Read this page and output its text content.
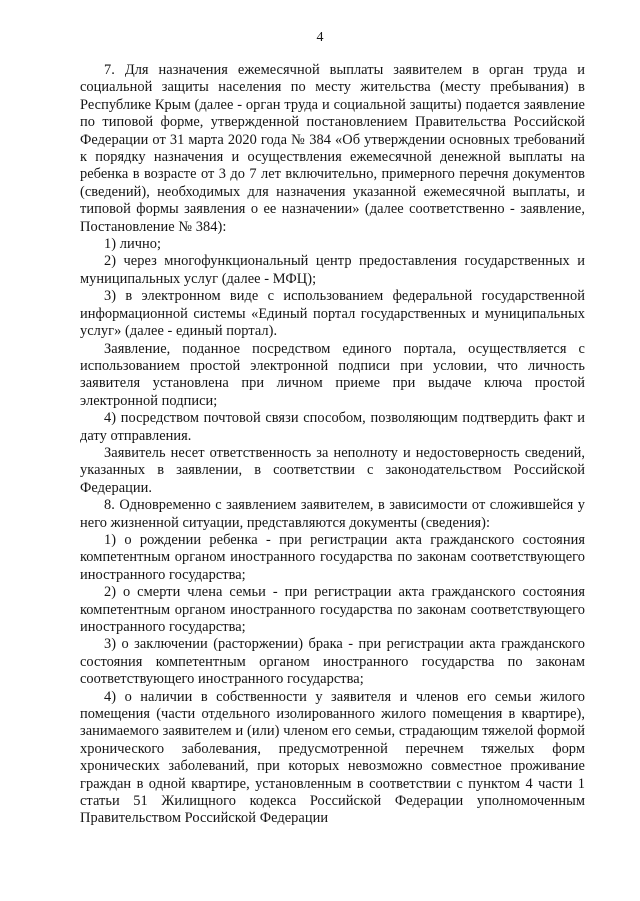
4

7. Для назначения ежемесячной выплаты заявителем в орган труда и социальной защиты населения по месту жительства (месту пребывания) в Республике Крым (далее - орган труда и социальной защиты) подается заявление по типовой форме, утвержденной постановлением Правительства Российской Федерации от 31 марта 2020 года № 384 «Об утверждении основных требований к порядку назначения и осуществления ежемесячной денежной выплаты на ребенка в возрасте от 3 до 7 лет включительно, примерного перечня документов (сведений), необходимых для назначения указанной ежемесячной выплаты, и типовой формы заявления о ее назначении» (далее соответственно - заявление, Постановление № 384):

1) лично;

2) через многофункциональный центр предоставления государственных и муниципальных услуг (далее - МФЦ);

3) в электронном виде с использованием федеральной государственной информационной системы «Единый портал государственных и муниципальных услуг» (далее - единый портал).

Заявление, поданное посредством единого портала, осуществляется с использованием простой электронной подписи при условии, что личность заявителя установлена при личном приеме при выдаче ключа простой электронной подписи;

4) посредством почтовой связи способом, позволяющим подтвердить факт и дату отправления.

Заявитель несет ответственность за неполноту и недостоверность сведений, указанных в заявлении, в соответствии с законодательством Российской Федерации.

8. Одновременно с заявлением заявителем, в зависимости от сложившейся у него жизненной ситуации, представляются документы (сведения):

1) о рождении ребенка - при регистрации акта гражданского состояния компетентным органом иностранного государства по законам соответствующего иностранного государства;

2) о смерти члена семьи - при регистрации акта гражданского состояния компетентным органом иностранного государства по законам соответствующего иностранного государства;

3) о заключении (расторжении) брака - при регистрации акта гражданского состояния компетентным органом иностранного государства по законам соответствующего иностранного государства;

4) о наличии в собственности у заявителя и членов его семьи жилого помещения (части отдельного изолированного жилого помещения в квартире), занимаемого заявителем и (или) членом его семьи, страдающим тяжелой формой хронического заболевания, предусмотренной перечнем тяжелых форм хронических заболеваний, при которых невозможно совместное проживание граждан в одной квартире, установленным в соответствии с пунктом 4 части 1 статьи 51 Жилищного кодекса Российской Федерации уполномоченным Правительством Российской Федерации
